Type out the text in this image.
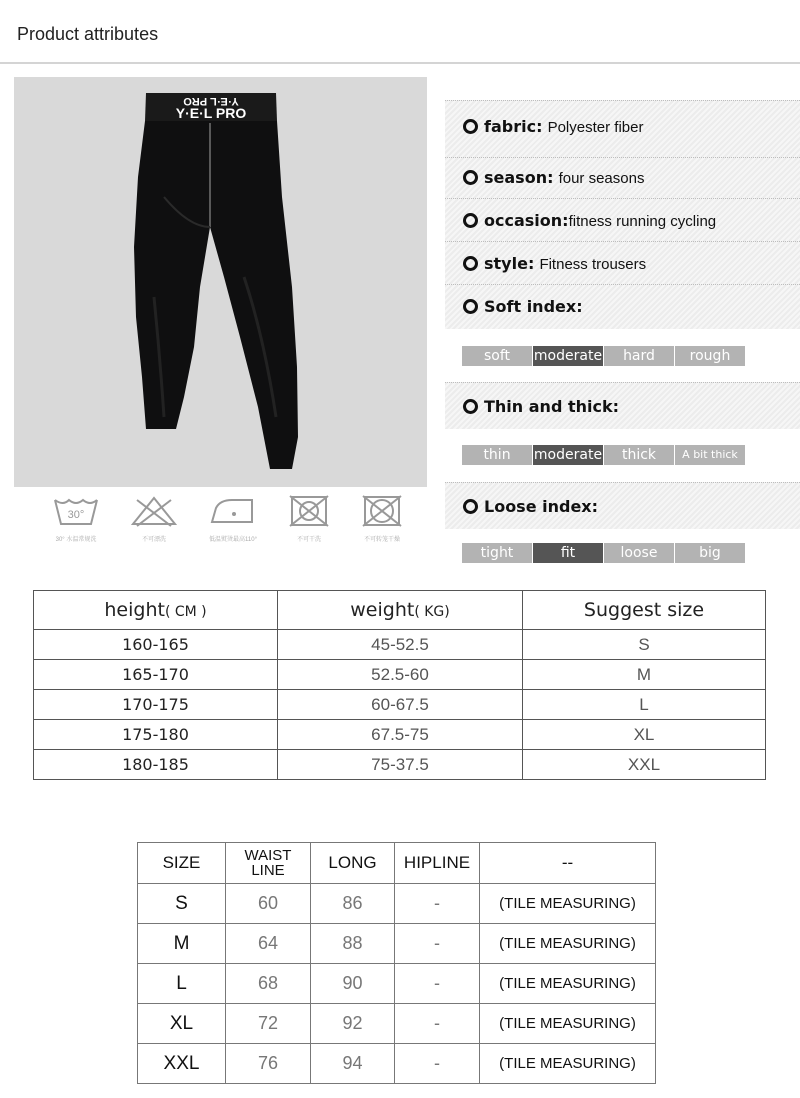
Product attributes
Y·E·L PRO
Y·E·L PRO
30°
30° 水温常规洗	不可漂洗	低温熨烫最高110°	不可干洗	不可转笼干燥
fabric: Polyester fiber
season: four seasons
occasion:fitness running cycling
style: Fitness trousers
Soft index:
soft	moderate	hard	rough
Thin and thick:
thin	moderate	thick	A bit thick
Loose index:
tight	fit	loose	big
height( CM )	weight( KG)	Suggest size
160-165	45-52.5	S
165-170	52.5-60	M
170-175	60-67.5	L
175-180	67.5-75	XL
180-185	75-37.5	XXL
SIZE	WAIST LINE	LONG	HIPLINE	--
S	60	86	-	(TILE MEASURING)
M	64	88	-	(TILE MEASURING)
L	68	90	-	(TILE MEASURING)
XL	72	92	-	(TILE MEASURING)
XXL	76	94	-	(TILE MEASURING)
